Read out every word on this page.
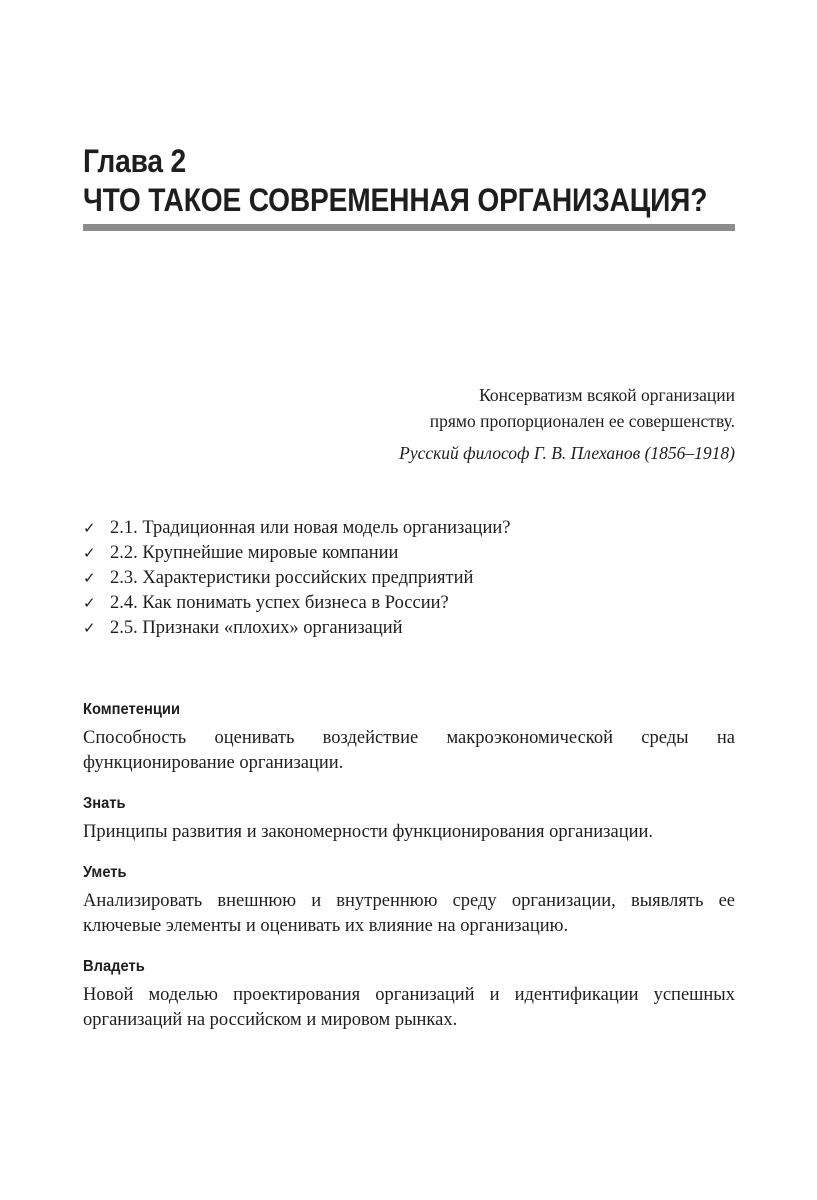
Глава 2
ЧТО ТАКОЕ СОВРЕМЕННАЯ ОРГАНИЗАЦИЯ?
Консерватизм всякой организации
прямо пропорционален ее совершенству.
Русский философ Г. В. Плеханов (1856–1918)
✓ 2.1. Традиционная или новая модель организации?
✓ 2.2. Крупнейшие мировые компании
✓ 2.3. Характеристики российских предприятий
✓ 2.4. Как понимать успех бизнеса в России?
✓ 2.5. Признаки «плохих» организаций
Компетенции

Способность оценивать воздействие макроэкономической среды на функционирование организации.

Знать

Принципы развития и закономерности функционирования организации.

Уметь

Анализировать внешнюю и внутреннюю среду организации, выявлять ее ключевые элементы и оценивать их влияние на организацию.

Владеть

Новой моделью проектирования организаций и идентификации успешных организаций на российском и мировом рынках.
